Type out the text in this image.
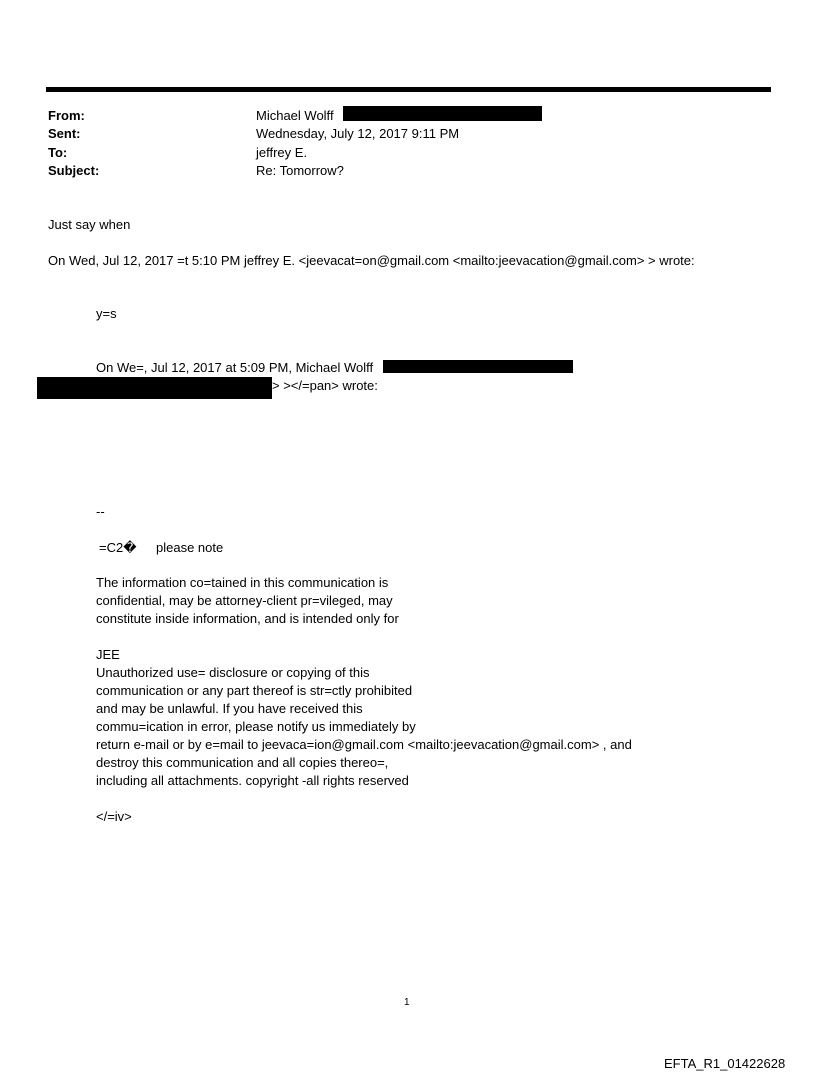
From:	Michael Wolff
Sent:	Wednesday, July 12, 2017 9:11 PM
To:	jeffrey E.
Subject:	Re: Tomorrow?
Just say when
On Wed, Jul 12, 2017 =t 5:10 PM jeffrey E. <jeevacat=on@gmail.com <mailto:jeevacation@gmail.com> > wrote:
y=s
On We=, Jul 12, 2017 at 5:09 PM, Michael Wolff
> ></=pan> wrote:
--
=C2� please note
The information co=tained in this communication is
confidential, may be attorney-client pr=vileged, may
constitute inside information, and is intended only for
JEE
Unauthorized use= disclosure or copying of this
communication or any part thereof is str=ctly prohibited
and may be unlawful. If you have received this
commu=ication in error, please notify us immediately by
return e-mail or by e=mail to jeevaca=ion@gmail.com <mailto:jeevacation@gmail.com> , and
destroy this communication and all copies thereo=,
including all attachments. copyright -all rights reserved
</=iv>
1
EFTA_R1_01422628
